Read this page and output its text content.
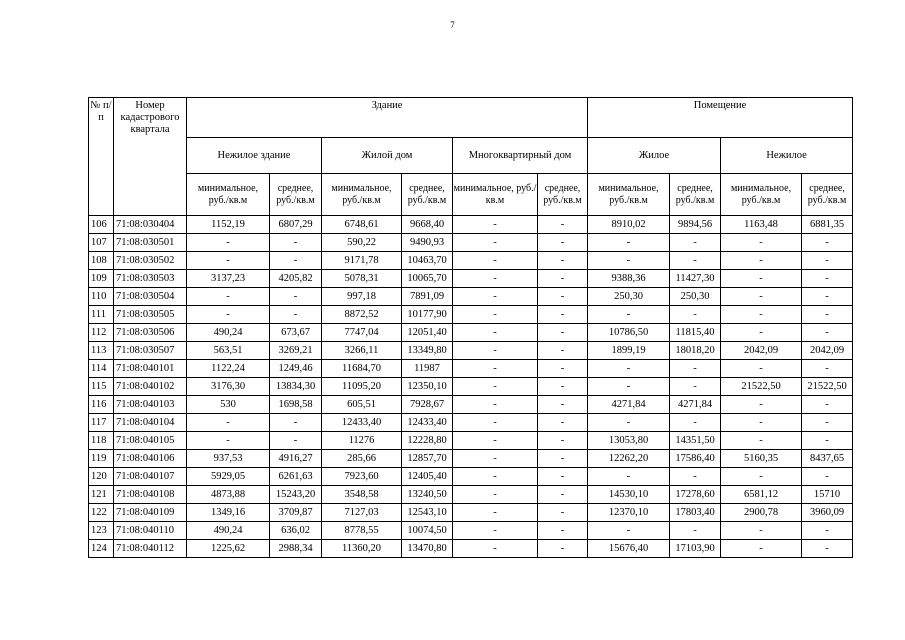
7
№ п/п	Номер кадастрового квартала	Здание						Помещение			
		Нежилое здание		Жилой дом		Многоквартирный дом		Жилое		Нежилое	
		минимальное, руб./кв.м	среднее, руб./кв.м	минимальное, руб./кв.м	среднее, руб./кв.м	минимальное, руб./кв.м	среднее, руб./кв.м	минимальное, руб./кв.м	среднее, руб./кв.м	минимальное, руб./кв.м	среднее, руб./кв.м
106	71:08:030404	1152,19	6807,29	6748,61	9668,40	-	-	8910,02	9894,56	1163,48	6881,35
107	71:08:030501	-	-	590,22	9490,93	-	-	-	-	-	-
108	71:08:030502	-	-	9171,78	10463,70	-	-	-	-	-	-
109	71:08:030503	3137,23	4205,82	5078,31	10065,70	-	-	9388,36	11427,30	-	-
110	71:08:030504	-	-	997,18	7891,09	-	-	250,30	250,30	-	-
111	71:08:030505	-	-	8872,52	10177,90	-	-	-	-	-	-
112	71:08:030506	490,24	673,67	7747,04	12051,40	-	-	10786,50	11815,40	-	-
113	71:08:030507	563,51	3269,21	3266,11	13349,80	-	-	1899,19	18018,20	2042,09	2042,09
114	71:08:040101	1122,24	1249,46	11684,70	11987	-	-	-	-	-	-
115	71:08:040102	3176,30	13834,30	11095,20	12350,10	-	-	-	-	21522,50	21522,50
116	71:08:040103	530	1698,58	605,51	7928,67	-	-	4271,84	4271,84	-	-
117	71:08:040104	-	-	12433,40	12433,40	-	-	-	-	-	-
118	71:08:040105	-	-	11276	12228,80	-	-	13053,80	14351,50	-	-
119	71:08:040106	937,53	4916,27	285,66	12857,70	-	-	12262,20	17586,40	5160,35	8437,65
120	71:08:040107	5929,05	6261,63	7923,60	12405,40	-	-	-	-	-	-
121	71:08:040108	4873,88	15243,20	3548,58	13240,50	-	-	14530,10	17278,60	6581,12	15710
122	71:08:040109	1349,16	3709,87	7127,03	12543,10	-	-	12370,10	17803,40	2900,78	3960,09
123	71:08:040110	490,24	636,02	8778,55	10074,50	-	-	-	-	-	-
124	71:08:040112	1225,62	2988,34	11360,20	13470,80	-	-	15676,40	17103,90	-	-
